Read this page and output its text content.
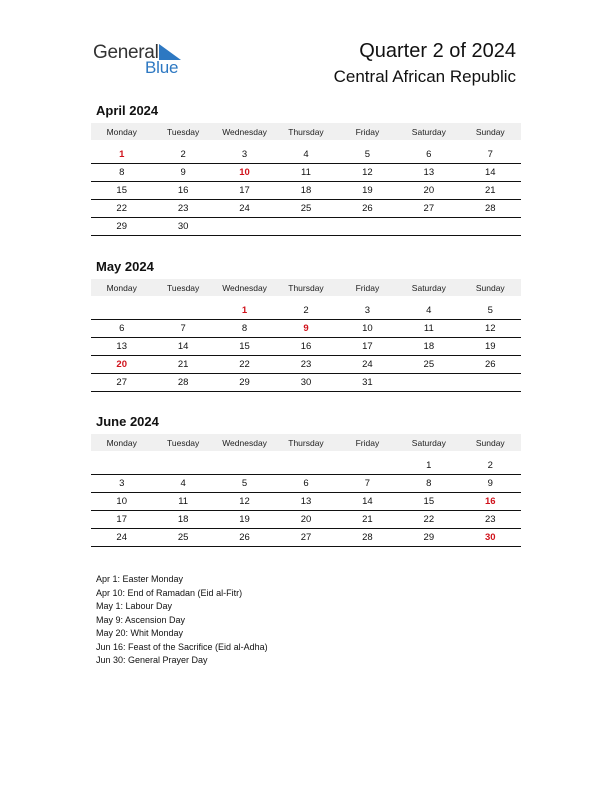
General
Blue
Quarter 2 of 2024
Central African Republic
April 2024
Monday	Tuesday	Wednesday	Thursday	Friday	Saturday	Sunday

1	2	3	4	5	6	7
8	9	10	11	12	13	14
15	16	17	18	19	20	21
22	23	24	25	26	27	28
29	30					
May 2024
Monday	Tuesday	Wednesday	Thursday	Friday	Saturday	Sunday

		1	2	3	4	5
6	7	8	9	10	11	12
13	14	15	16	17	18	19
20	21	22	23	24	25	26
27	28	29	30	31		
June 2024
Monday	Tuesday	Wednesday	Thursday	Friday	Saturday	Sunday

					1	2
3	4	5	6	7	8	9
10	11	12	13	14	15	16
17	18	19	20	21	22	23
24	25	26	27	28	29	30
Apr 1: Easter Monday
Apr 10: End of Ramadan (Eid al-Fitr)
May 1: Labour Day
May 9: Ascension Day
May 20: Whit Monday
Jun 16: Feast of the Sacrifice (Eid al-Adha)
Jun 30: General Prayer Day
